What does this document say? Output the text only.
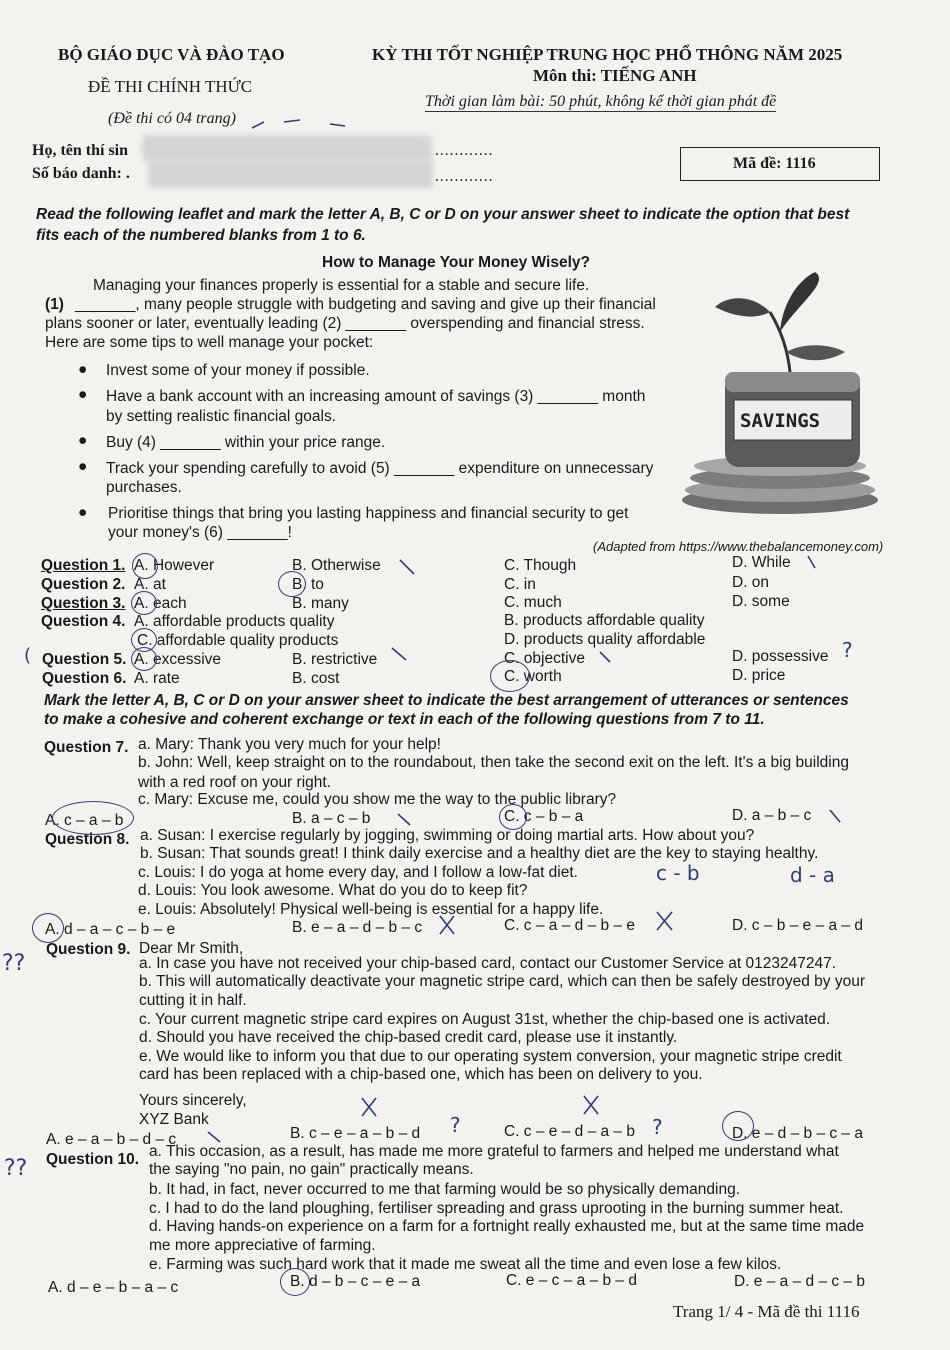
BỘ GIÁO DỤC VÀ ĐÀO TẠO	KỲ THI TỐT NGHIỆP TRUNG HỌC PHỔ THÔNG NĂM 2025
ĐỀ THI CHÍNH THỨC
Môn thi: TIẾNG ANH
(Đề thi có 04 trang)
Thời gian làm bài: 50 phút, không kể thời gian phát đề
Họ, tên thí sin	............
Số báo danh: .	............
Mã đề: 1116
Read the following leaflet and mark the letter A, B, C or D on your answer sheet to indicate the option that best
fits each of the numbered blanks from 1 to 6.
How to Manage Your Money Wisely?
Managing your finances properly is essential for a stable and secure life.
(1) _______, many people struggle with budgeting and saving and give up their financial
plans sooner or later, eventually leading (2) _______ overspending and financial stress.
Here are some tips to well manage your pocket:
● Invest some of your money if possible.
● Have a bank account with an increasing amount of savings (3) _______ month
by setting realistic financial goals.
● Buy (4) _______ within your price range.
● Track your spending carefully to avoid (5) _______ expenditure on unnecessary
purchases.
● Prioritise things that bring you lasting happiness and financial security to get
your money's (6) _______!
SAVINGS
(Adapted from https://www.thebalancemoney.com)
Question 1. A. However	B. Otherwise	C. Though	D. While
Question 2. A. at	B. to	C. in	D. on
Question 3. A. each	B. many	C. much	D. some
Question 4. A. affordable products quality	B. products affordable quality
C. affordable quality products	D. products quality affordable
Question 5. A. excessive	B. restrictive	C. objective	D. possessive
Question 6. A. rate	B. cost	C. worth	D. price
Mark the letter A, B, C or D on your answer sheet to indicate the best arrangement of utterances or sentences
to make a cohesive and coherent exchange or text in each of the following questions from 7 to 11.
Question 7. a. Mary: Thank you very much for your help!
b. John: Well, keep straight on to the roundabout, then take the second exit on the left. It's a big building
with a red roof on your right.
c. Mary: Excuse me, could you show me the way to the public library?
A. c – a – b	B. a – c – b	C. c – b – a	D. a – b – c
Question 8. a. Susan: I exercise regularly by jogging, swimming or doing martial arts. How about you?
b. Susan: That sounds great! I think daily exercise and a healthy diet are the key to staying healthy.
c. Louis: I do yoga at home every day, and I follow a low-fat diet.
d. Louis: You look awesome. What do you do to keep fit?
e. Louis: Absolutely! Physical well-being is essential for a happy life.
A. d – a – c – b – e	B. e – a – d – b – c	C. c – a – d – b – e	D. c – b – e – a – d
Question 9. Dear Mr Smith,
a. In case you have not received your chip-based card, contact our Customer Service at 0123247247.
b. This will automatically deactivate your magnetic stripe card, which can then be safely destroyed by your
cutting it in half.
c. Your current magnetic stripe card expires on August 31st, whether the chip-based one is activated.
d. Should you have received the chip-based credit card, please use it instantly.
e. We would like to inform you that due to our operating system conversion, your magnetic stripe credit
card has been replaced with a chip-based one, which has been on delivery to you.
Yours sincerely,
XYZ Bank
A. e – a – b – d – c	B. c – e – a – b – d	C. c – e – d – a – b	D. e – d – b – c – a
Question 10. a. This occasion, as a result, has made me more grateful to farmers and helped me understand what
the saying "no pain, no gain" practically means.
b. It had, in fact, never occurred to me that farming would be so physically demanding.
c. I had to do the land ploughing, fertiliser spreading and grass uprooting in the burning summer heat.
d. Having hands-on experience on a farm for a fortnight really exhausted me, but at the same time made
me more appreciative of farming.
e. Farming was such hard work that it made me sweat all the time and even lose a few kilos.
A. d – e – b – a – c	B. d – b – c – e – a	C. e – c – a – b – d	D. e – a – d – c – b
Trang 1/ 4 - Mã đề thi 1116
c - b	d - a
??
??
?	?
(	?
